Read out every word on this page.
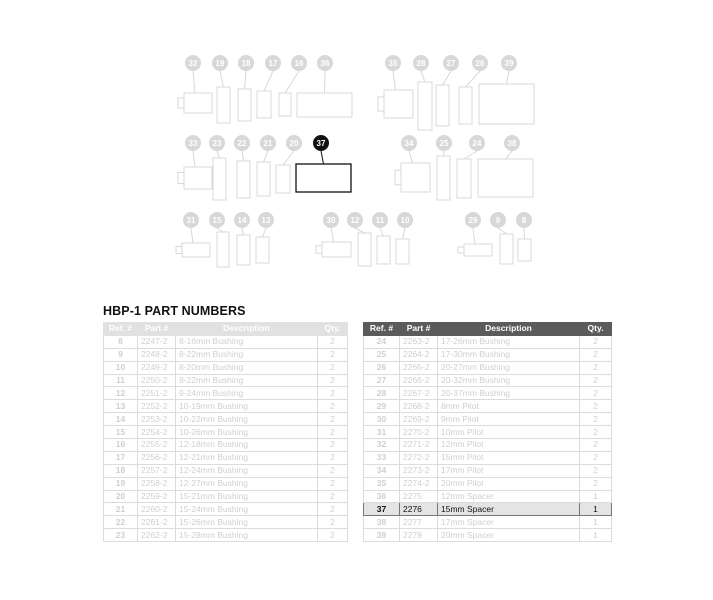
32 19 18 17 16 36	35 28	27	26	39
33 23 22 21 20 37	34	25	24	38
31 15 14 13	30 12 11 10	29 9	8
HBP-1 PART NUMBERS
Ref. #	Part #	Description	Qty.
8	2247-2	8-16mm Bushing	2
9	2248-2	8-22mm Bushing	2
10	2249-2	8-20mm Bushing	2
11	2250-2	9-22mm Bushing	2
12	2251-2	9-24mm Bushing	2
13	2252-2	10-19mm Bushing	2
14	2253-2	10-22mm Bushing	2
15	2254-2	10-26mm Bushing	2
16	2255-2	12-18mm Bushing	2
17	2256-2	12-21mm Bushing	2
18	2257-2	12-24mm Bushing	2
19	2258-2	12-27mm Bushing	2
20	2259-2	15-21mm Bushing	2
21	2260-2	15-24mm Bushing	2
22	2261-2	15-26mm Bushing	2
23	2262-2	15-28mm Bushing	2
Ref. #	Part #	Description	Qty.
24	2263-2	17-26mm Bushing	2
25	2264-2	17-30mm Bushing	2
26	2265-2	20-27mm Bushing	2
27	2266-2	20-32mm Bushing	2
28	2267-2	20-37mm Bushing	2
29	2268-2	8mm Pilot	2
30	2269-2	9mm Pilot	2
31	2270-2	10mm Pilot	2
32	2271-2	12mm Pilot	2
33	2272-2	15mm Pilot	2
34	2273-2	17mm Pilot	2
35	2274-2	20mm Pilot	2
36	2275	12mm Spacer	1
37	2276	15mm Spacer	1
38	2277	17mm Spacer	1
39	2278	20mm Spacer	1
